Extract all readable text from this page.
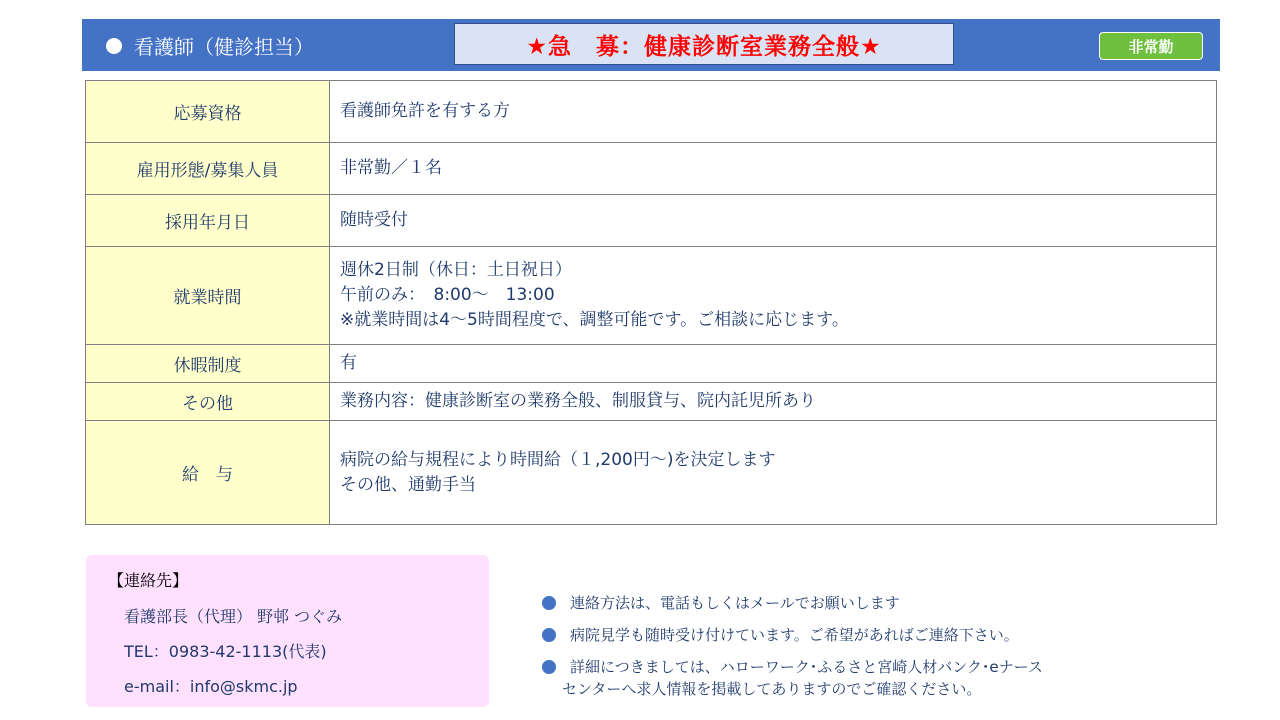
看護師（健診担当）	★急　募：健康診断室業務全般★	非常勤
応募資格	看護師免許を有する方

雇用形態/募集人員	非常勤／１名

採用年月日	随時受付

就業時間	週休2日制（休日：土日祝日）
午前のみ：　8:00～　13:00
※就業時間は4～5時間程度で、調整可能です。ご相談に応じます。

休暇制度	有

その他	業務内容：健康診断室の業務全般、制服貸与、院内託児所あり

給　与	病院の給与規程により時間給（１,200円～)を決定します
その他、通勤手当
【連絡先】
看護部長（代理） 野邨 つぐみ
TEL：0983-42-1113(代表)
e-mail：info@skmc.jp
連絡方法は、電話もしくはメールでお願いします
病院見学も随時受け付けています。ご希望があればご連絡下さい。
詳細につきましては、ハローワーク･ふるさと宮崎人材バンク･eナース
センターへ求人情報を掲載してありますのでご確認ください。
